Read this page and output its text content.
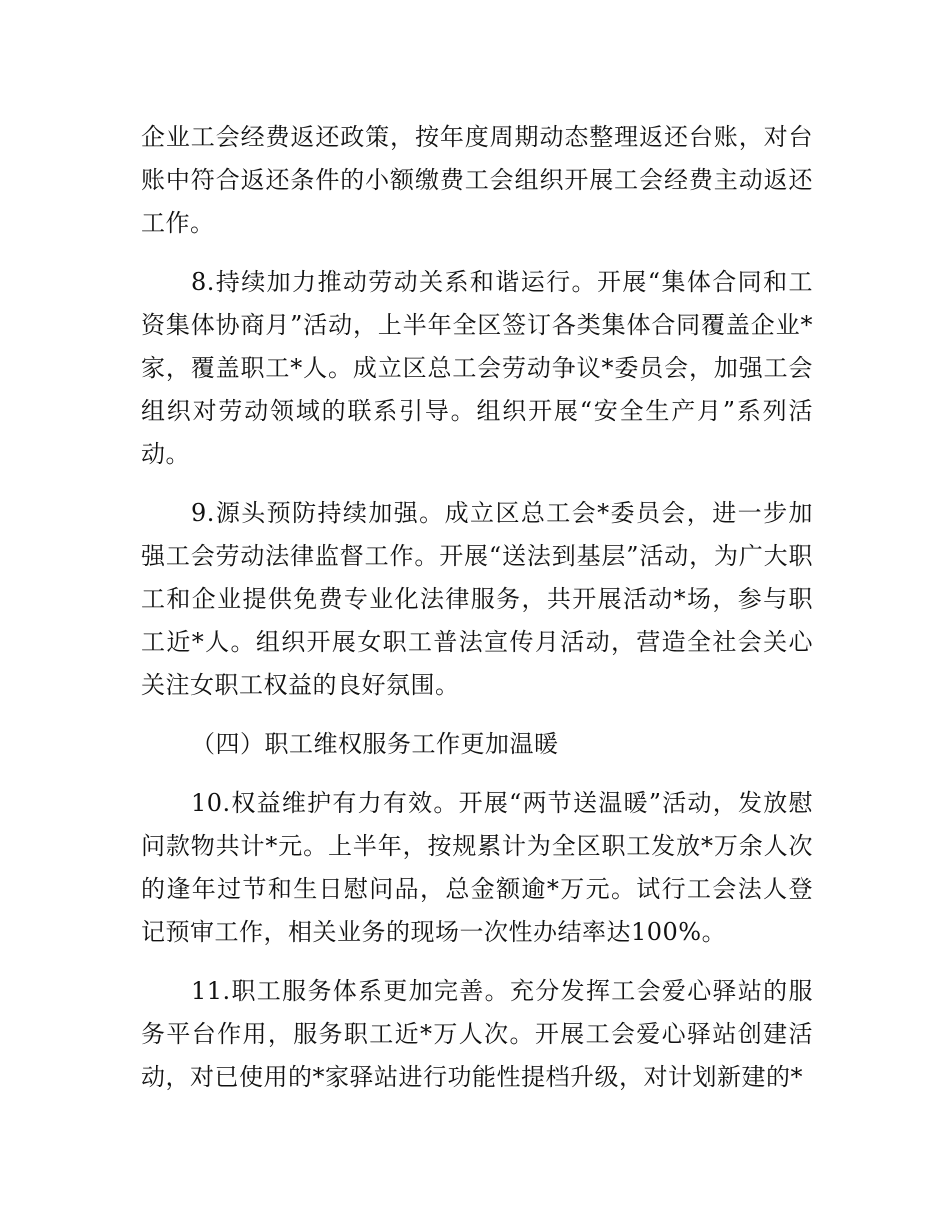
企业工会经费返还政策，按年度周期动态整理返还台账，对台账中符合返还条件的小额缴费工会组织开展工会经费主动返还工作。

8.持续加力推动劳动关系和谐运行。开展“集体合同和工资集体协商月”活动，上半年全区签订各类集体合同覆盖企业*家，覆盖职工*人。成立区总工会劳动争议*委员会，加强工会组织对劳动领域的联系引导。组织开展“安全生产月”系列活动。

9.源头预防持续加强。成立区总工会*委员会，进一步加强工会劳动法律监督工作。开展“送法到基层”活动，为广大职工和企业提供免费专业化法律服务，共开展活动*场，参与职工近*人。组织开展女职工普法宣传月活动，营造全社会关心关注女职工权益的良好氛围。

（四）职工维权服务工作更加温暖

10.权益维护有力有效。开展“两节送温暖”活动，发放慰问款物共计*元。上半年，按规累计为全区职工发放*万余人次的逢年过节和生日慰问品，总金额逾*万元。试行工会法人登记预审工作，相关业务的现场一次性办结率达100%。

11.职工服务体系更加完善。充分发挥工会爱心驿站的服务平台作用，服务职工近*万人次。开展工会爱心驿站创建活动，对已使用的*家驿站进行功能性提档升级，对计划新建的*
